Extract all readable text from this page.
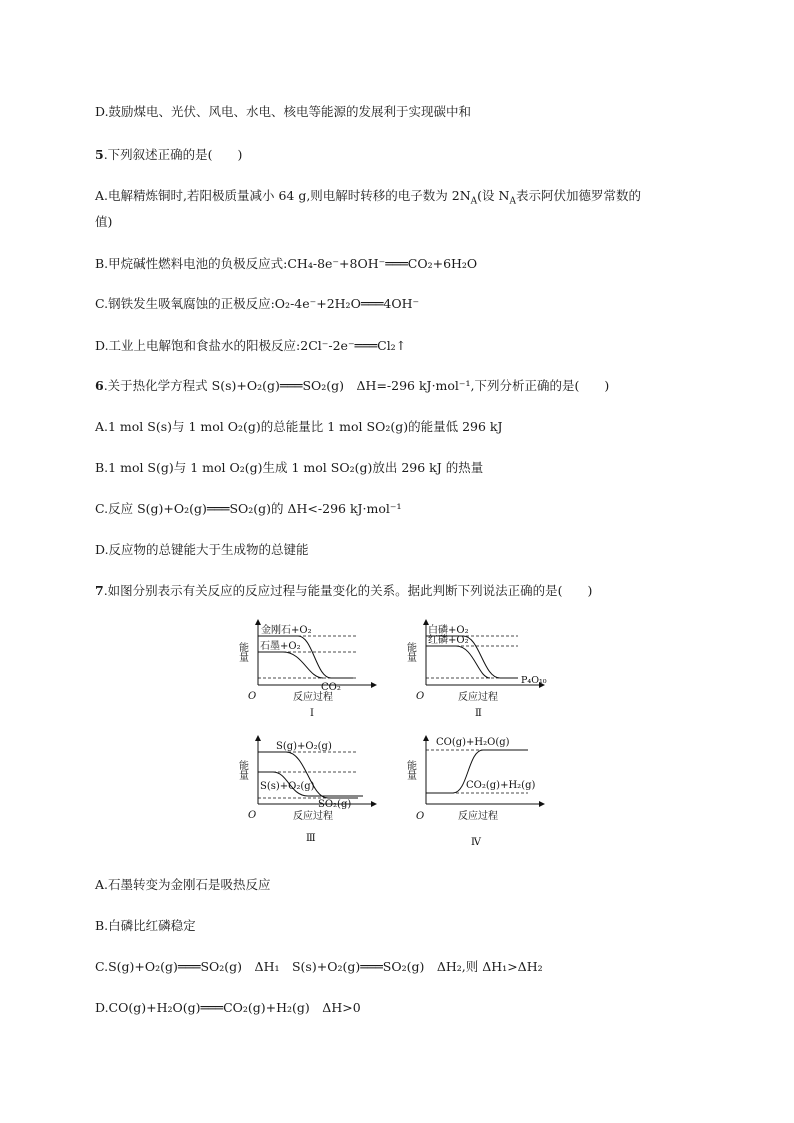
D.鼓励煤电、光伏、风电、水电、核电等能源的发展利于实现碳中和
5.下列叙述正确的是(　　)
A.电解精炼铜时,若阳极质量减小 64 g,则电解时转移的电子数为 $2N_A$(设 $N_A$表示阿伏加德罗常数的
值)
B.甲烷碱性燃料电池的负极反应式:CH₄-8e⁻+8OH⁻═══CO₂+6H₂O
C.钢铁发生吸氧腐蚀的正极反应:O₂-4e⁻+2H₂O═══4OH⁻
D.工业上电解饱和食盐水的阳极反应:2Cl⁻-2e⁻═══Cl₂↑
6.关于热化学方程式 S(s)+O₂(g)═══SO₂(g)　ΔH=-296 kJ·mol⁻¹,下列分析正确的是(　　)
A.1 mol S(s)与 1 mol O₂(g)的总能量比 1 mol SO₂(g)的能量低 296 kJ
B.1 mol S(g)与 1 mol O₂(g)生成 1 mol SO₂(g)放出 296 kJ 的热量
C.反应 S(g)+O₂(g)═══SO₂(g)的 ΔH<-296 kJ·mol⁻¹
D.反应物的总键能大于生成物的总键能
7.如图分别表示有关反应的反应过程与能量变化的关系。据此判断下列说法正确的是(　　)
金刚石+O₂
石墨+O₂
CO₂
能量
O	反应过程
Ⅰ
白磷+O₂
红磷+O₂
P₄O₁₀
能量
O	反应过程
Ⅱ
S(g)+O₂(g)
S(s)+O₂(g)
SO₂(g)
能量
O	反应过程
Ⅲ
CO(g)+H₂O(g)
CO₂(g)+H₂(g)
能量
O	反应过程
Ⅳ
A.石墨转变为金刚石是吸热反应
B.白磷比红磷稳定
C.S(g)+O₂(g)═══SO₂(g)　ΔH₁　S(s)+O₂(g)═══SO₂(g)　ΔH₂,则 ΔH₁>ΔH₂
D.CO(g)+H₂O(g)═══CO₂(g)+H₂(g)　ΔH>0
